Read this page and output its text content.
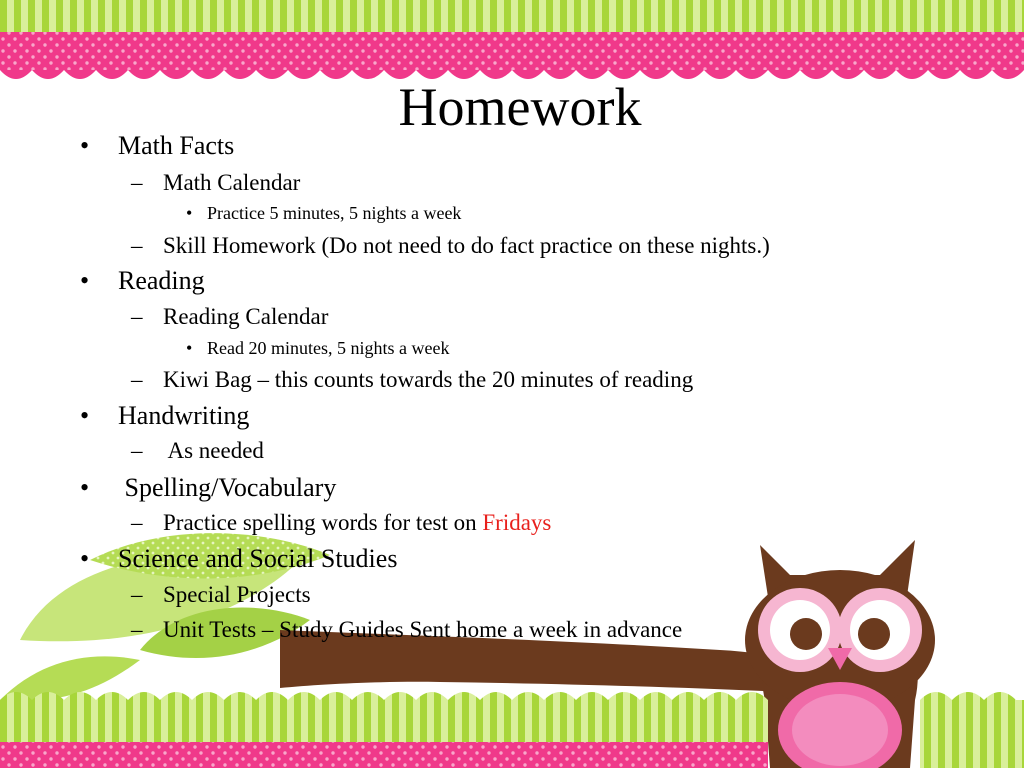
Homework
• Math Facts
– Math Calendar
• Practice 5 minutes, 5 nights a week
– Skill Homework (Do not need to do fact practice on these nights.)
• Reading
– Reading Calendar
• Read 20 minutes, 5 nights a week
– Kiwi Bag – this counts towards the 20 minutes of reading
• Handwriting
– As needed
• Spelling/Vocabulary
– Practice spelling words for test on Fridays
• Science and Social Studies
– Special Projects
– Unit Tests – Study Guides Sent home a week in advance
